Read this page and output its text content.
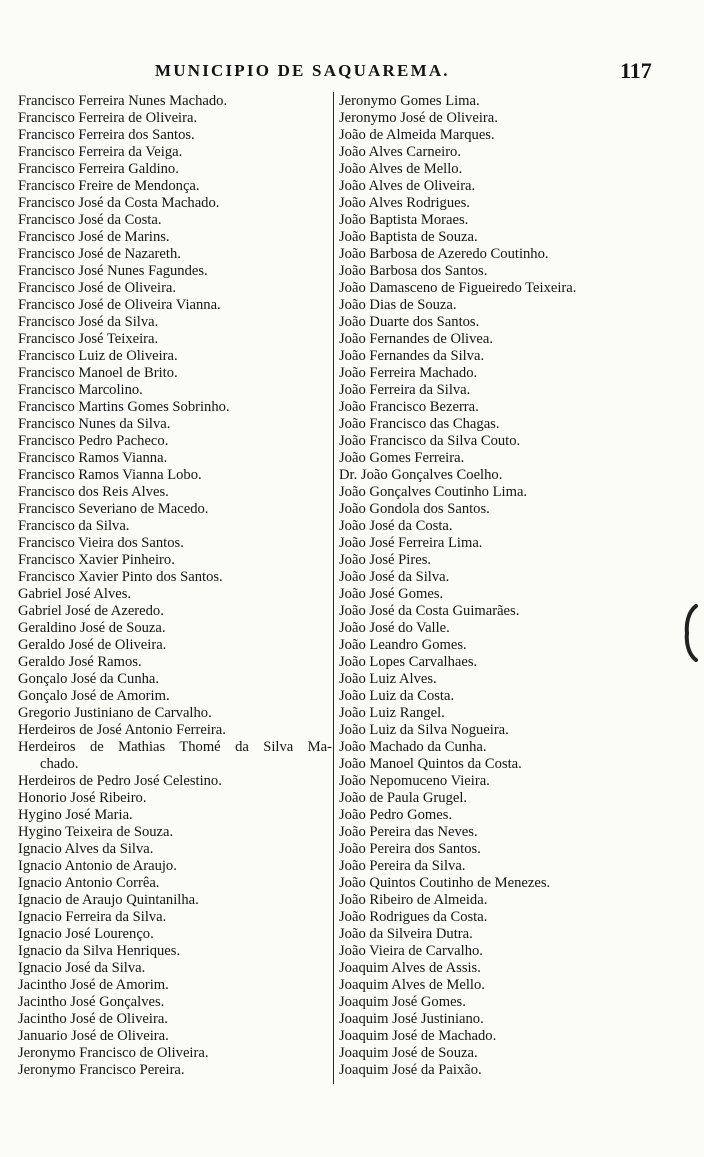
MUNICIPIO DE SAQUAREMA.	117
Francisco Ferreira Nunes Machado.
Francisco Ferreira de Oliveira.
Francisco Ferreira dos Santos.
Francisco Ferreira da Veiga.
Francisco Ferreira Galdino.
Francisco Freire de Mendonça.
Francisco José da Costa Machado.
Francisco José da Costa.
Francisco José de Marins.
Francisco José de Nazareth.
Francisco José Nunes Fagundes.
Francisco José de Oliveira.
Francisco José de Oliveira Vianna.
Francisco José da Silva.
Francisco José Teixeira.
Francisco Luiz de Oliveira.
Francisco Manoel de Brito.
Francisco Marcolino.
Francisco Martins Gomes Sobrinho.
Francisco Nunes da Silva.
Francisco Pedro Pacheco.
Francisco Ramos Vianna.
Francisco Ramos Vianna Lobo.
Francisco dos Reis Alves.
Francisco Severiano de Macedo.
Francisco da Silva.
Francisco Vieira dos Santos.
Francisco Xavier Pinheiro.
Francisco Xavier Pinto dos Santos.
Gabriel José Alves.
Gabriel José de Azeredo.
Geraldino José de Souza.
Geraldo José de Oliveira.
Geraldo José Ramos.
Gonçalo José da Cunha.
Gonçalo José de Amorim.
Gregorio Justiniano de Carvalho.
Herdeiros de José Antonio Ferreira.
Herdeiros de Mathias Thomé da Silva Ma-
chado.
Herdeiros de Pedro José Celestino.
Honorio José Ribeiro.
Hygino José Maria.
Hygino Teixeira de Souza.
Ignacio Alves da Silva.
Ignacio Antonio de Araujo.
Ignacio Antonio Corrêa.
Ignacio de Araujo Quintanilha.
Ignacio Ferreira da Silva.
Ignacio José Lourenço.
Ignacio da Silva Henriques.
Ignacio José da Silva.
Jacintho José de Amorim.
Jacintho José Gonçalves.
Jacintho José de Oliveira.
Januario José de Oliveira.
Jeronymo Francisco de Oliveira.
Jeronymo Francisco Pereira.
Jeronymo Gomes Lima.
Jeronymo José de Oliveira.
João de Almeida Marques.
João Alves Carneiro.
João Alves de Mello.
João Alves de Oliveira.
João Alves Rodrigues.
João Baptista Moraes.
João Baptista de Souza.
João Barbosa de Azeredo Coutinho.
João Barbosa dos Santos.
João Damasceno de Figueiredo Teixeira.
João Dias de Souza.
João Duarte dos Santos.
João Fernandes de Olivea.
João Fernandes da Silva.
João Ferreira Machado.
João Ferreira da Silva.
João Francisco Bezerra.
João Francisco das Chagas.
João Francisco da Silva Couto.
João Gomes Ferreira.
Dr. João Gonçalves Coelho.
João Gonçalves Coutinho Lima.
João Gondola dos Santos.
João José da Costa.
João José Ferreira Lima.
João José Pires.
João José da Silva.
João José Gomes.
João José da Costa Guimarães.
João José do Valle.
João Leandro Gomes.
João Lopes Carvalhaes.
João Luiz Alves.
João Luiz da Costa.
João Luiz Rangel.
João Luiz da Silva Nogueira.
João Machado da Cunha.
João Manoel Quintos da Costa.
João Nepomuceno Vieira.
João de Paula Grugel.
João Pedro Gomes.
João Pereira das Neves.
João Pereira dos Santos.
João Pereira da Silva.
João Quintos Coutinho de Menezes.
João Ribeiro de Almeida.
João Rodrigues da Costa.
João da Silveira Dutra.
João Vieira de Carvalho.
Joaquim Alves de Assis.
Joaquim Alves de Mello.
Joaquim José Gomes.
Joaquim José Justiniano.
Joaquim José de Machado.
Joaquim José de Souza.
Joaquim José da Paixão.
